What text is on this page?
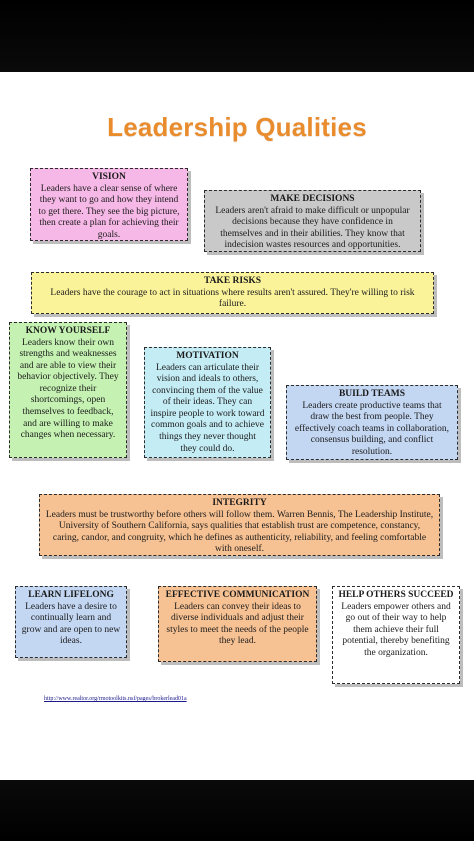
Leadership Qualities
VISION
Leaders have a clear sense of where they want to go and how they intend to get there. They see the big picture, then create a plan for achieving their goals.
MAKE DECISIONS
Leaders aren't afraid to make difficult or unpopular decisions because they have confidence in themselves and in their abilities. They know that indecision wastes resources and opportunities.
TAKE RISKS
Leaders have the courage to act in situations where results aren't assured. They're willing to risk failure.
KNOW YOURSELF
Leaders know their own strengths and weaknesses and are able to view their behavior objectively. They recognize their shortcomings, open themselves to feedback, and are willing to make changes when necessary.
MOTIVATION
Leaders can articulate their vision and ideals to others, convincing them of the value of their ideas. They can inspire people to work toward common goals and to achieve things they never thought they could do.
BUILD TEAMS
Leaders create productive teams that draw the best from people. They effectively coach teams in collaboration, consensus building, and conflict resolution.
INTEGRITY
Leaders must be trustworthy before others will follow them. Warren Bennis, The Leadership Institute, University of Southern California, says qualities that establish trust are competence, constancy, caring, candor, and congruity, which he defines as authenticity, reliability, and feeling comfortable with oneself.
LEARN LIFELONG
Leaders have a desire to continually learn and grow and are open to new ideas.
EFFECTIVE COMMUNICATION
Leaders can convey their ideas to diverse individuals and adjust their styles to meet the needs of the people they lead.
HELP OTHERS SUCCEED
Leaders empower others and go out of their way to help them achieve their full potential, thereby benefiting the organization.
http://www.realtor.org/rmotoolkits.nsf/pages/brokerlead01a
